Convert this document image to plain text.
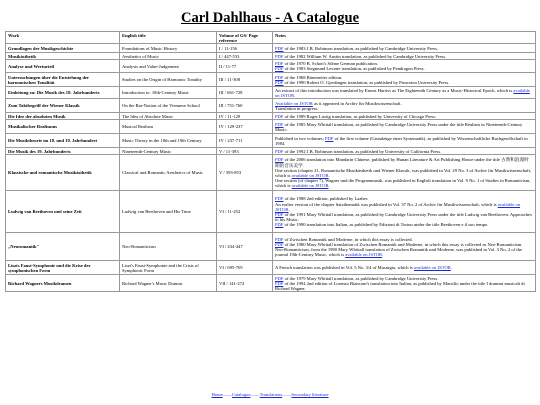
Carl Dahlhaus - A Catalogue
Work	English title	Volume of GS/ Page reference	Notes
Grundlagen der Musikgeschichte	Foundations of Music History	I / 11-156	PDF of the 1983 J.B. Robinson translation, as published by Cambridge University Press.

Musikästhetik	Aesthetics of Music	I / 447-533	PDF of the 1982 William W. Austin translation, as published by Cambridge University Press.

Analyse und Werturteil	Analysis and Value-Judgement	II / 11-77	PDF of the 1970 B. Schott's Söhne German publication.
PDF of the 1983 Siegmund Levarie translation, as published by Pendragon Press.

Untersuchungen über die Entstehung der harmonischen Tonalität	Studies on the Origin of Harmonic Tonality	III / 11-308	PDF of the 1968 Bärenreiter edition.
PDF of the 1990 Robert O. Gjerdingen translation, as published by Princeton University Press.

Einleitung zu: Die Musik des 18. Jahrhunderts	Introduction to: 18th-Century Music	III / 661-728	An extract of this introduction was translated by Ernest Harriss as The Eighteenth Century as a Music-Historical Epoch, which is available on JSTOR.

Zum Taktbegriff der Wiener Klassik	On the Bar-Notion of the Viennese School	III / 751-760	Available on JSTOR as it appeared in Archiv für Musikwissenschaft.
Translation in progress.

Die Idee der absoluten Musik	The Idea of Absolute Music	IV / 11-129	PDF of the 1989 Roger Lustig translation, as published by University of Chicago Press.

Musikalischer Realismus	Musical Realism	IV / 129-237	PDF of the 1985 Mary Whittall translation, as published by Cambridge University Press under the title Realism in Nineteenth-Century Music.

Die Musiktheorie im 18. und 19. Jahrhundert	Music Theory in the 18th and 19th Century	IV / 237-711	Published in two volumes; PDF of the first volume (Grundzüge einer Systematik), as published by Wissenschaftliche Buchgesellschaft in 1984.

Die Musik des 19. Jahrhunderts	Nineteenth-Century Music	V / 11-393	PDF of the 1992 J.B. Robinson translation, as published by University of California Press.

Klassische und romantische Musikästhetik	Classical and Romantic Aesthetics of Music	V / 393-853	PDF of the 2006 translation into Mandarin Chinese, published by Hunan Literature & Art Publishing House under the title 古典和浪漫时期的音乐美学.
One section (chapter 21, Romantische Musikästhetik und Wiener Klassik, was published in Vol. 29 No. 3 of Archiv für Musikwissenschaft, which is available on JSTOR.
One section (of chapter 7), Wagner und die Programmusik, was published in English translation in Vol. 9 No. 1 of Studies in Romanticism, which is available on JSTOR.

Ludwig van Beethoven und seine Zeit	Ludwig van Beethoven and His Time	VI / 11-252	PDF of the 1988 2nd edition, published by Laaber.
An earlier version of the chapter Satzthematik was published in Vol. 37 No. 2 of Archiv für Musikwissenschaft, which is available on JSTOR.
PDF of the 1991 Mary Whittall translation, as published by Cambridge University Press under the title Ludwig van Beethoven: Approaches to his Music.
PDF of the 1990 translation into Italian, as published by Edizioni di Torino under the title Beethoven e il suo tempo.

„Neuromantik"	Neo-Romanticism	VI / 434-447	PDF of Zwischen Romantik und Moderne, in which this essay is collected.
PDF of the 1980 Mary Whittall translation of Zwischen Romantik und Moderne, in which this essay is collected as Neo-Romanticism.
Neo-Romanticism, from the 1980 Mary Whittall translation of Zwischen Romantik und Moderne, was published in Vol. 3 No. 2 of the journal 19th-Century Music, which is available on JSTOR.

Liszts Faust-Symphonie und die Krise der symphonischen Form	Liszt's Faust-Symphonie and the Crisis of Symphonic Form	VI / 695-705	A French translation was published in Vol. 5 No. 3/4 of Musurgia, which is available on JSTOR.

Richard Wagners Musikdramen	Richard Wagner's Music Dramas	VII / 141-274	PDF of the 1979 Mary Whittall translation, as published by Cambridge University Press.
PDF of the 1994 2nd edition of Lorenzo Bianconi's translation into Italian, as published by Marsilio under the title I drammi musicali di Richard Wagner.
Home——Catalogue——Translations——Secondary literature
